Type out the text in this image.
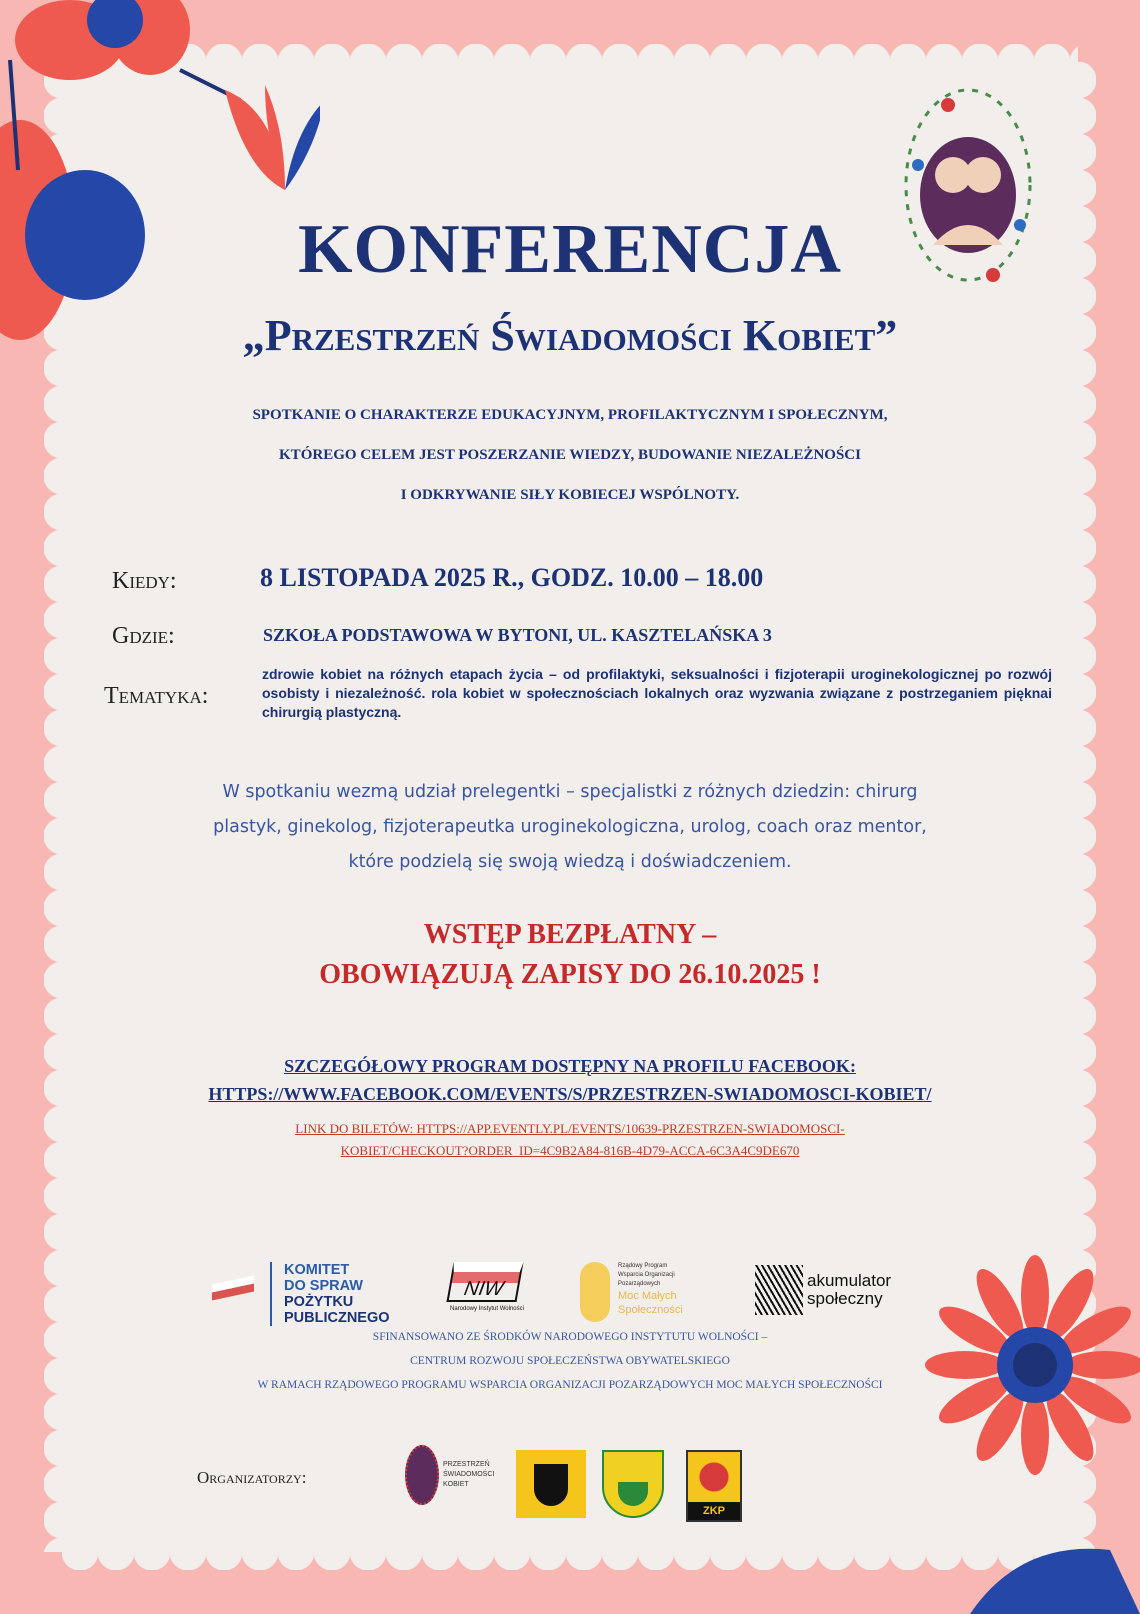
KONFERENCJA
„Przestrzeń Świadomości Kobiet”
SPOTKANIE O CHARAKTERZE EDUKACYJNYM, PROFILAKTYCZNYM I SPOŁECZNYM,
KTÓREGO CELEM JEST POSZERZANIE WIEDZY, BUDOWANIE NIEZALEŻNOŚCI
I ODKRYWANIE SIŁY KOBIECEJ WSPÓLNOTY.
Kiedy:	8 LISTOPADA 2025 R., GODZ. 10.00 – 18.00
Gdzie:	SZKOŁA PODSTAWOWA W BYTONI, UL. KASZTELAŃSKA 3
Tematyka:
zdrowie kobiet na różnych etapach życia – od profilaktyki, seksualności i fizjoterapii uroginekologicznej po rozwój osobisty i niezależność. rola kobiet w społecznościach lokalnych oraz wyzwania związane z postrzeganiem pięknai chirurgią plastyczną.
W spotkaniu wezmą udział prelegentki – specjalistki z różnych dziedzin: chirurg
plastyk, ginekolog, fizjoterapeutka uroginekologiczna, urolog, coach oraz mentor,
które podzielą się swoją wiedzą i doświadczeniem.
WSTĘP BEZPŁATNY –
OBOWIĄZUJĄ ZAPISY DO 26.10.2025 !
SZCZEGÓŁOWY PROGRAM DOSTĘPNY NA PROFILU FACEBOOK:
HTTPS://WWW.FACEBOOK.COM/EVENTS/S/PRZESTRZEN-SWIADOMOSCI-KOBIET/
LINK DO BILETÓW: HTTPS://APP.EVENTLY.PL/EVENTS/10639-PRZESTRZEN-SWIADOMOSCI-
KOBIET/CHECKOUT?ORDER_ID=4C9B2A84-816B-4D79-ACCA-6C3A4C9DE670
KOMITET
DO SPRAW
POŻYTKU
PUBLICZNEGO
NIW
Narodowy Instytut Wolności
Rządowy Program
Wsparcia Organizacji
Pozarządowych
Moc Małych
Społeczności
akumulator
społeczny
SFINANSOWANO ZE ŚRODKÓW NARODOWEGO INSTYTUTU WOLNOŚCI –
CENTRUM ROZWOJU SPOŁECZEŃSTWA OBYWATELSKIEGO
W RAMACH RZĄDOWEGO PROGRAMU WSPARCIA ORGANIZACJI POZARZĄDOWYCH MOC MAŁYCH SPOŁECZNOŚCI
Organizatorzy:
PRZESTRZEŃ
ŚWIADOMOŚCI
KOBIET
ZKP
